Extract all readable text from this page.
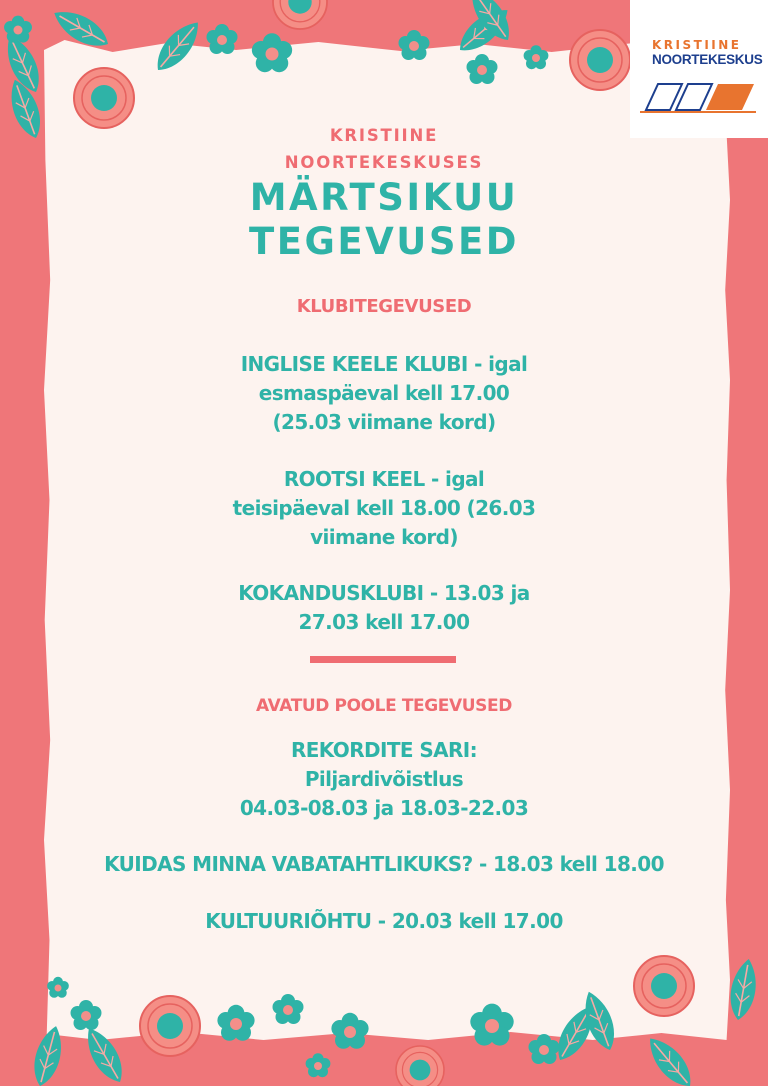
KRISTIINE
NOORTEKESKUS

KRISTIINE

NOORTEKESKUSES

MÄRTSIKUU

TEGEVUSED

KLUBITEGEVUSED

INGLISE KEELE KLUBI - igal

esmaspäeval kell 17.00

(25.03 viimane kord)

ROOTSI KEEL - igal

teisipäeval kell 18.00 (26.03

viimane kord)

KOKANDUSKLUBI - 13.03 ja

27.03 kell 17.00

AVATUD POOLE TEGEVUSED

REKORDITE SARI:

Piljardivõistlus

04.03-08.03 ja 18.03-22.03

KUIDAS MINNA VABATAHTLIKUKS? - 18.03 kell 18.00

KULTUURIÕHTU - 20.03 kell 17.00
